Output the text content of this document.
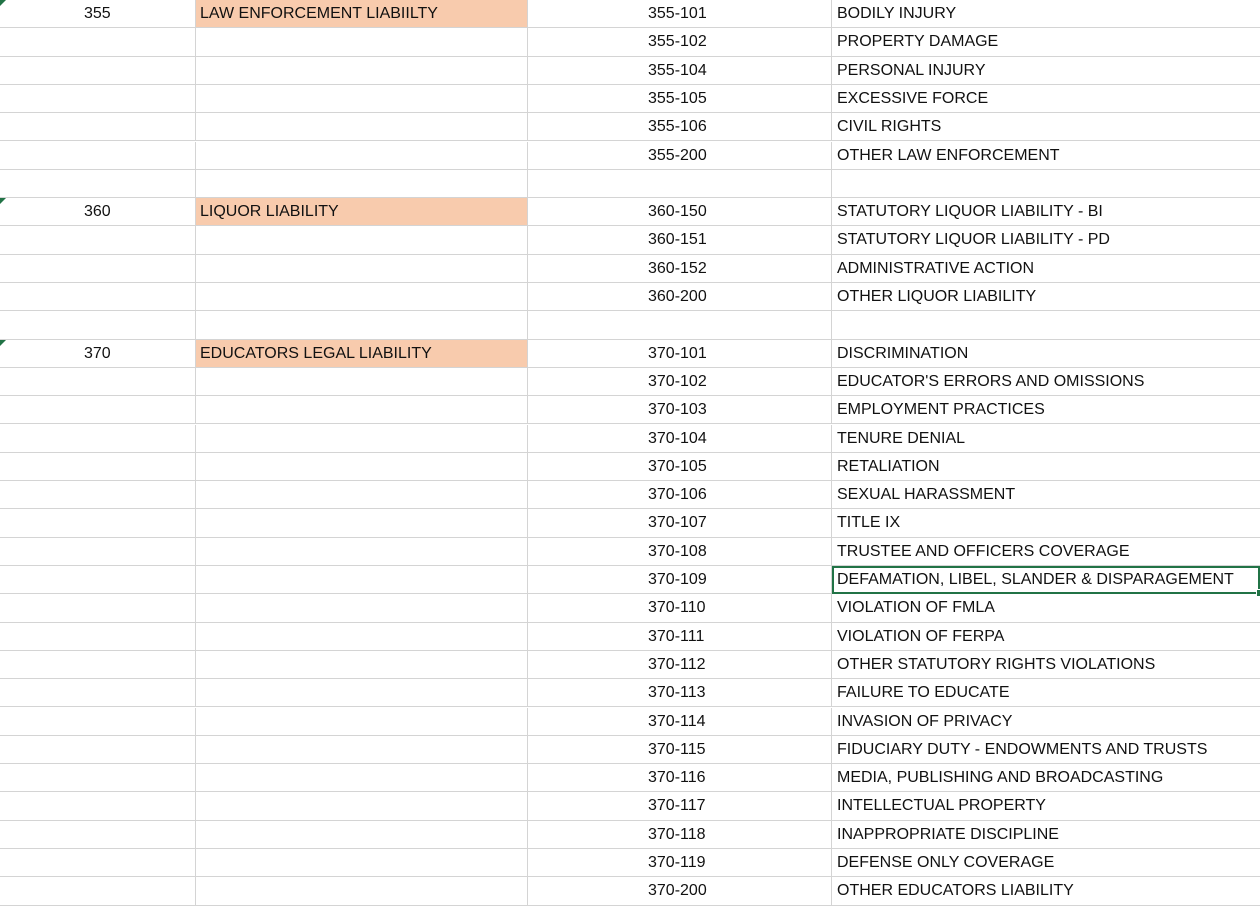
355	LAW ENFORCEMENT LIABIILTY	355-101	BODILY INJURY
355-102	PROPERTY DAMAGE
355-104	PERSONAL INJURY
355-105	EXCESSIVE FORCE
355-106	CIVIL RIGHTS
355-200	OTHER LAW ENFORCEMENT
360	LIQUOR LIABILITY	360-150	STATUTORY LIQUOR LIABILITY - BI
360-151	STATUTORY LIQUOR LIABILITY - PD
360-152	ADMINISTRATIVE ACTION
360-200	OTHER LIQUOR LIABILITY
370	EDUCATORS LEGAL LIABILITY	370-101	DISCRIMINATION
370-102	EDUCATOR'S ERRORS AND OMISSIONS
370-103	EMPLOYMENT PRACTICES
370-104	TENURE DENIAL
370-105	RETALIATION
370-106	SEXUAL HARASSMENT
370-107	TITLE IX
370-108	TRUSTEE AND OFFICERS COVERAGE
370-109	DEFAMATION, LIBEL, SLANDER & DISPARAGEMENT
370-110	VIOLATION OF FMLA
370-111	VIOLATION OF FERPA
370-112	OTHER STATUTORY RIGHTS VIOLATIONS
370-113	FAILURE TO EDUCATE
370-114	INVASION OF PRIVACY
370-115	FIDUCIARY DUTY - ENDOWMENTS AND TRUSTS
370-116	MEDIA, PUBLISHING AND BROADCASTING
370-117	INTELLECTUAL PROPERTY
370-118	INAPPROPRIATE DISCIPLINE
370-119	DEFENSE ONLY COVERAGE
370-200	OTHER EDUCATORS LIABILITY
